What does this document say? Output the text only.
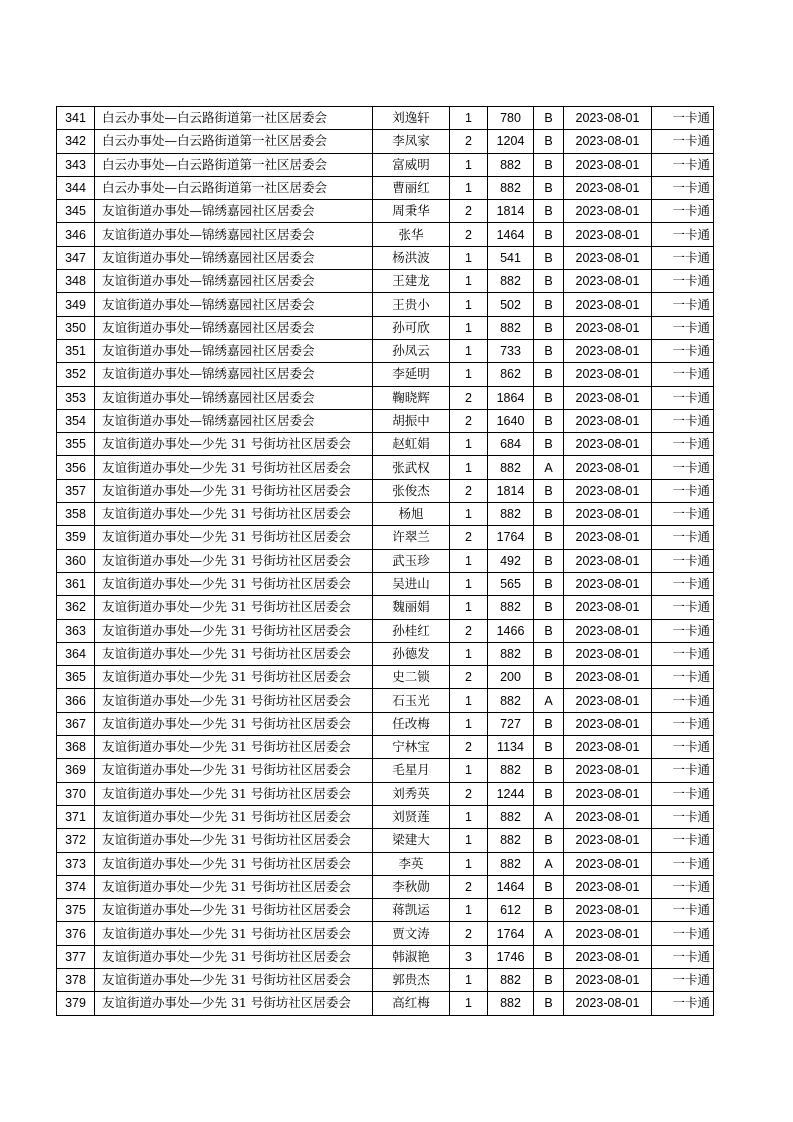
341	白云办事处—白云路街道第一社区居委会	刘逸轩	1	780	B	2023-08-01	一卡通
342	白云办事处—白云路街道第一社区居委会	李凤家	2	1204	B	2023-08-01	一卡通
343	白云办事处—白云路街道第一社区居委会	富威明	1	882	B	2023-08-01	一卡通
344	白云办事处—白云路街道第一社区居委会	曹丽红	1	882	B	2023-08-01	一卡通
345	友谊街道办事处—锦绣嘉园社区居委会	周秉华	2	1814	B	2023-08-01	一卡通
346	友谊街道办事处—锦绣嘉园社区居委会	张华	2	1464	B	2023-08-01	一卡通
347	友谊街道办事处—锦绣嘉园社区居委会	杨洪波	1	541	B	2023-08-01	一卡通
348	友谊街道办事处—锦绣嘉园社区居委会	王建龙	1	882	B	2023-08-01	一卡通
349	友谊街道办事处—锦绣嘉园社区居委会	王贵小	1	502	B	2023-08-01	一卡通
350	友谊街道办事处—锦绣嘉园社区居委会	孙可欣	1	882	B	2023-08-01	一卡通
351	友谊街道办事处—锦绣嘉园社区居委会	孙凤云	1	733	B	2023-08-01	一卡通
352	友谊街道办事处—锦绣嘉园社区居委会	李延明	1	862	B	2023-08-01	一卡通
353	友谊街道办事处—锦绣嘉园社区居委会	鞠晓辉	2	1864	B	2023-08-01	一卡通
354	友谊街道办事处—锦绣嘉园社区居委会	胡振中	2	1640	B	2023-08-01	一卡通
355	友谊街道办事处—少先 31 号街坊社区居委会	赵虹娟	1	684	B	2023-08-01	一卡通
356	友谊街道办事处—少先 31 号街坊社区居委会	张武权	1	882	A	2023-08-01	一卡通
357	友谊街道办事处—少先 31 号街坊社区居委会	张俊杰	2	1814	B	2023-08-01	一卡通
358	友谊街道办事处—少先 31 号街坊社区居委会	杨旭	1	882	B	2023-08-01	一卡通
359	友谊街道办事处—少先 31 号街坊社区居委会	许翠兰	2	1764	B	2023-08-01	一卡通
360	友谊街道办事处—少先 31 号街坊社区居委会	武玉珍	1	492	B	2023-08-01	一卡通
361	友谊街道办事处—少先 31 号街坊社区居委会	吴进山	1	565	B	2023-08-01	一卡通
362	友谊街道办事处—少先 31 号街坊社区居委会	魏丽娟	1	882	B	2023-08-01	一卡通
363	友谊街道办事处—少先 31 号街坊社区居委会	孙桂红	2	1466	B	2023-08-01	一卡通
364	友谊街道办事处—少先 31 号街坊社区居委会	孙德发	1	882	B	2023-08-01	一卡通
365	友谊街道办事处—少先 31 号街坊社区居委会	史二锁	2	200	B	2023-08-01	一卡通
366	友谊街道办事处—少先 31 号街坊社区居委会	石玉光	1	882	A	2023-08-01	一卡通
367	友谊街道办事处—少先 31 号街坊社区居委会	任改梅	1	727	B	2023-08-01	一卡通
368	友谊街道办事处—少先 31 号街坊社区居委会	宁林宝	2	1134	B	2023-08-01	一卡通
369	友谊街道办事处—少先 31 号街坊社区居委会	毛星月	1	882	B	2023-08-01	一卡通
370	友谊街道办事处—少先 31 号街坊社区居委会	刘秀英	2	1244	B	2023-08-01	一卡通
371	友谊街道办事处—少先 31 号街坊社区居委会	刘贤莲	1	882	A	2023-08-01	一卡通
372	友谊街道办事处—少先 31 号街坊社区居委会	梁建大	1	882	B	2023-08-01	一卡通
373	友谊街道办事处—少先 31 号街坊社区居委会	李英	1	882	A	2023-08-01	一卡通
374	友谊街道办事处—少先 31 号街坊社区居委会	李秋勋	2	1464	B	2023-08-01	一卡通
375	友谊街道办事处—少先 31 号街坊社区居委会	蒋凯运	1	612	B	2023-08-01	一卡通
376	友谊街道办事处—少先 31 号街坊社区居委会	贾文涛	2	1764	A	2023-08-01	一卡通
377	友谊街道办事处—少先 31 号街坊社区居委会	韩淑艳	3	1746	B	2023-08-01	一卡通
378	友谊街道办事处—少先 31 号街坊社区居委会	郭贵杰	1	882	B	2023-08-01	一卡通
379	友谊街道办事处—少先 31 号街坊社区居委会	高红梅	1	882	B	2023-08-01	一卡通
